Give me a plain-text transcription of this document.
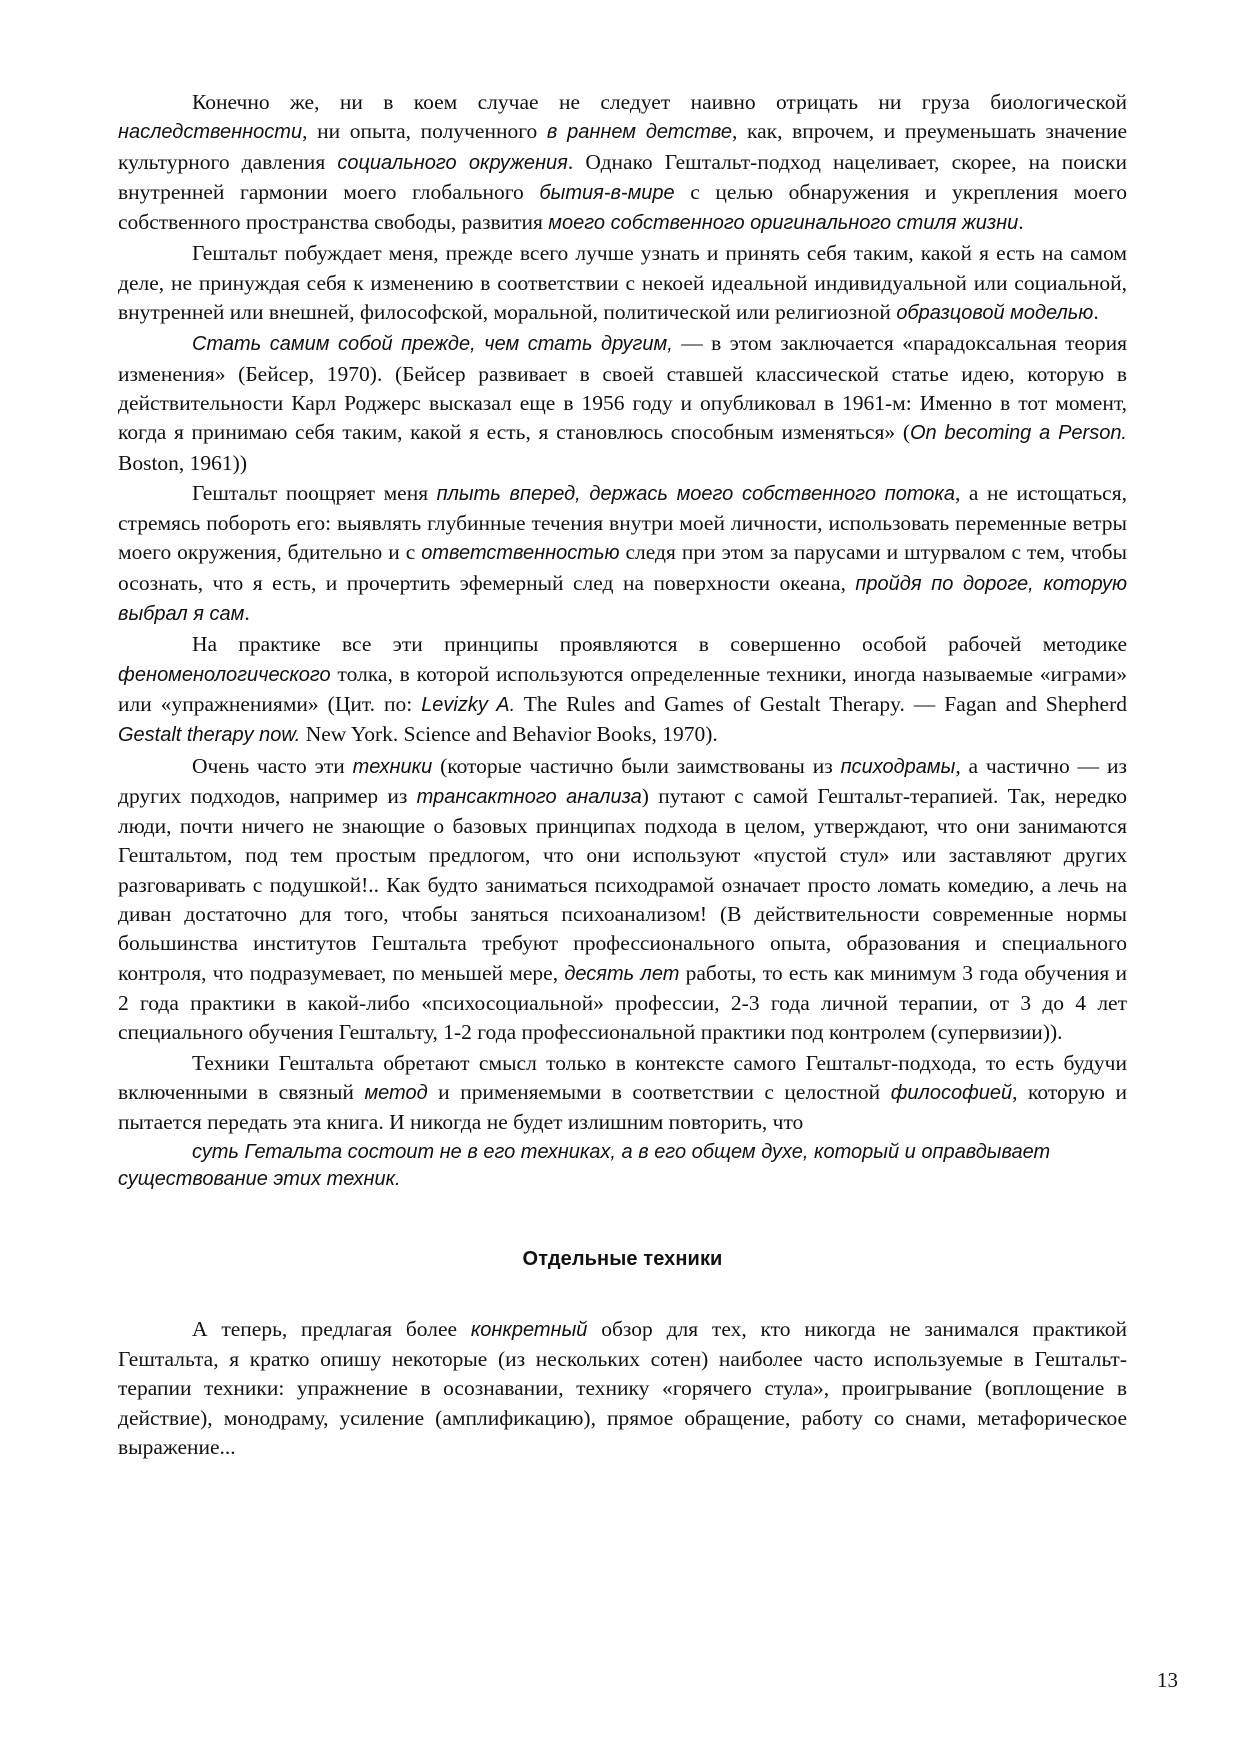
Конечно же, ни в коем случае не следует наивно отрицать ни груза биологической наследственности, ни опыта, полученного в раннем детстве, как, впрочем, и преуменьшать значение культурного давления социального окружения. Однако Гештальт-подход нацеливает, скорее, на поиски внутренней гармонии моего глобального бытия-в-мире с целью обнаружения и укрепления моего собственного пространства свободы, развития моего собственного оригинального стиля жизни.

Гештальт побуждает меня, прежде всего лучше узнать и принять себя таким, какой я есть на самом деле, не принуждая себя к изменению в соответствии с некоей идеальной индивидуальной или социальной, внутренней или внешней, философской, моральной, политической или религиозной образцовой моделью.

Стать самим собой прежде, чем стать другим, — в этом заключается «парадоксальная теория изменения» (Бейсер, 1970). (Бейсер развивает в своей ставшей классической статье идею, которую в действительности Карл Роджерс высказал еще в 1956 году и опубликовал в 1961-м: Именно в тот момент, когда я принимаю себя таким, какой я есть, я становлюсь способным изменяться» (On becoming a Person. Boston, 1961))

Гештальт поощряет меня плыть вперед, держась моего собственного потока, а не истощаться, стремясь побороть его: выявлять глубинные течения внутри моей личности, использовать переменные ветры моего окружения, бдительно и с ответственностью следя при этом за парусами и штурвалом с тем, чтобы осознать, что я есть, и прочертить эфемерный след на поверхности океана, пройдя по дороге, которую выбрал я сам.

На практике все эти принципы проявляются в совершенно особой рабочей методике феноменологического толка, в которой используются определенные техники, иногда называемые «играми» или «упражнениями» (Цит. по: Levizky A. The Rules and Games of Gestalt Therapy. — Fagan and Shepherd Gestalt therapy now. New York. Science and Behavior Books, 1970).

Очень часто эти техники (которые частично были заимствованы из психодрамы, а частично — из других подходов, например из трансактного анализа) путают с самой Гештальт-терапией. Так, нередко люди, почти ничего не знающие о базовых принципах подхода в целом, утверждают, что они занимаются Гештальтом, под тем простым предлогом, что они используют «пустой стул» или заставляют других разговаривать с подушкой!.. Как будто заниматься психодрамой означает просто ломать комедию, а лечь на диван достаточно для того, чтобы заняться психоанализом! (В действительности современные нормы большинства институтов Гештальта требуют профессионального опыта, образования и специального контроля, что подразумевает, по меньшей мере, десять лет работы, то есть как минимум 3 года обучения и 2 года практики в какой-либо «психосоциальной» профессии, 2-3 года личной терапии, от 3 до 4 лет специального обучения Гештальту, 1-2 года профессиональной практики под контролем (супервизии)).

Техники Гештальта обретают смысл только в контексте самого Гештальт-подхода, то есть будучи включенными в связный метод и применяемыми в соответствии с целостной философией, которую и пытается передать эта книга. И никогда не будет излишним повторить, что

суть Гетальта состоит не в его техниках, а в его общем духе, который и оправдывает существование этих техник.

Отдельные техники

А теперь, предлагая более конкретный обзор для тех, кто никогда не занимался практикой Гештальта, я кратко опишу некоторые (из нескольких сотен) наиболее часто используемые в Гештальт-терапии техники: упражнение в осознавании, технику «горячего стула», проигрывание (воплощение в действие), монодраму, усиление (амплификацию), прямое обращение, работу со снами, метафорическое выражение...

13
